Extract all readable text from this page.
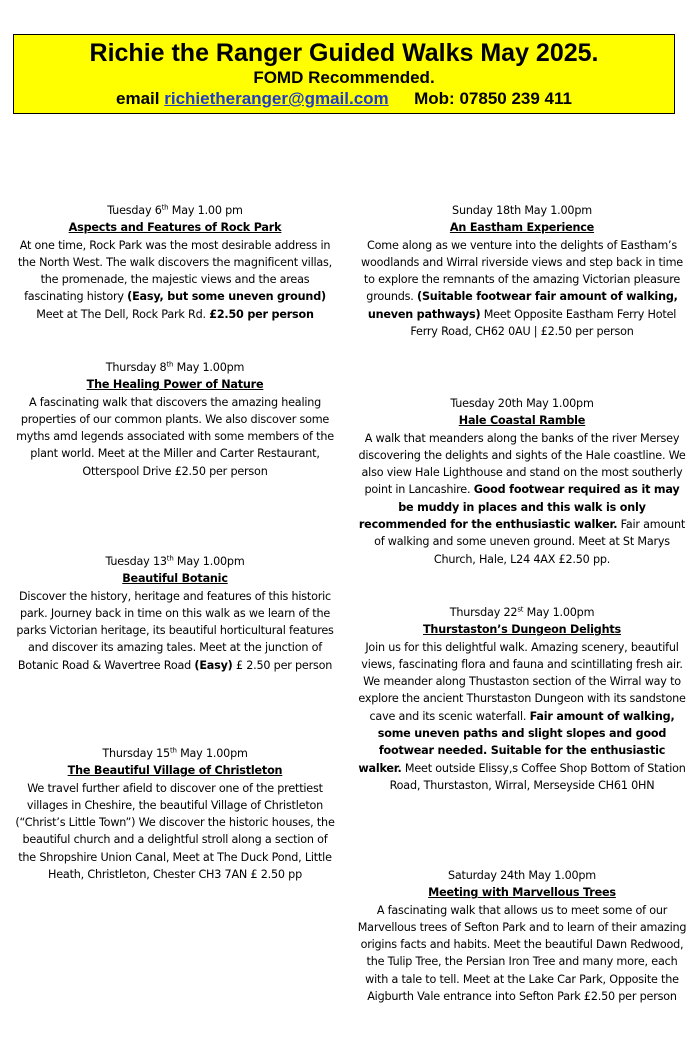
Richie the Ranger Guided Walks May 2025.
FOMD Recommended.
email richietheranger@gmail.com Mob: 07850 239 411
Tuesday 6th May 1.00 pm
Aspects and Features of Rock Park
At one time, Rock Park was the most desirable address in the North West. The walk discovers the magnificent villas, the promenade, the majestic views and the areas fascinating history (Easy, but some uneven ground) Meet at The Dell, Rock Park Rd. £2.50 per person
Thursday 8th May 1.00pm
The Healing Power of Nature
A fascinating walk that discovers the amazing healing properties of our common plants. We also discover some myths amd legends associated with some members of the plant world. Meet at the Miller and Carter Restaurant, Otterspool Drive £2.50 per person
Tuesday 13th May 1.00pm
Beautiful Botanic
Discover the history, heritage and features of this historic park. Journey back in time on this walk as we learn of the parks Victorian heritage, its beautiful horticultural features and discover its amazing tales. Meet at the junction of Botanic Road & Wavertree Road (Easy) £ 2.50 per person
Thursday 15th May 1.00pm
The Beautiful Village of Christleton
We travel further afield to discover one of the prettiest villages in Cheshire, the beautiful Village of Christleton (“Christ’s Little Town”) We discover the historic houses, the beautiful church and a delightful stroll along a section of the Shropshire Union Canal, Meet at The Duck Pond, Little Heath, Christleton, Chester CH3 7AN £ 2.50 pp
Sunday 18th May 1.00pm
An Eastham Experience
Come along as we venture into the delights of Eastham’s woodlands and Wirral riverside views and step back in time to explore the remnants of the amazing Victorian pleasure grounds. (Suitable footwear fair amount of walking, uneven pathways) Meet Opposite Eastham Ferry Hotel Ferry Road, CH62 0AU | £2.50 per person
Tuesday 20th May 1.00pm
Hale Coastal Ramble
A walk that meanders along the banks of the river Mersey discovering the delights and sights of the Hale coastline. We also view Hale Lighthouse and stand on the most southerly point in Lancashire. Good footwear required as it may be muddy in places and this walk is only recommended for the enthusiastic walker. Fair amount of walking and some uneven ground. Meet at St Marys Church, Hale, L24 4AX £2.50 pp.
Thursday 22st May 1.00pm
Thurstaston’s Dungeon Delights
Join us for this delightful walk. Amazing scenery, beautiful views, fascinating flora and fauna and scintillating fresh air. We meander along Thustaston section of the Wirral way to explore the ancient Thurstaston Dungeon with its sandstone cave and its scenic waterfall. Fair amount of walking, some uneven paths and slight slopes and good footwear needed. Suitable for the enthusiastic walker. Meet outside Elissy,s Coffee Shop Bottom of Station Road, Thurstaston, Wirral, Merseyside CH61 0HN
Saturday 24th May 1.00pm
Meeting with Marvellous Trees
A fascinating walk that allows us to meet some of our Marvellous trees of Sefton Park and to learn of their amazing origins facts and habits. Meet the beautiful Dawn Redwood, the Tulip Tree, the Persian Iron Tree and many more, each with a tale to tell. Meet at the Lake Car Park, Opposite the Aigburth Vale entrance into Sefton Park £2.50 per person
